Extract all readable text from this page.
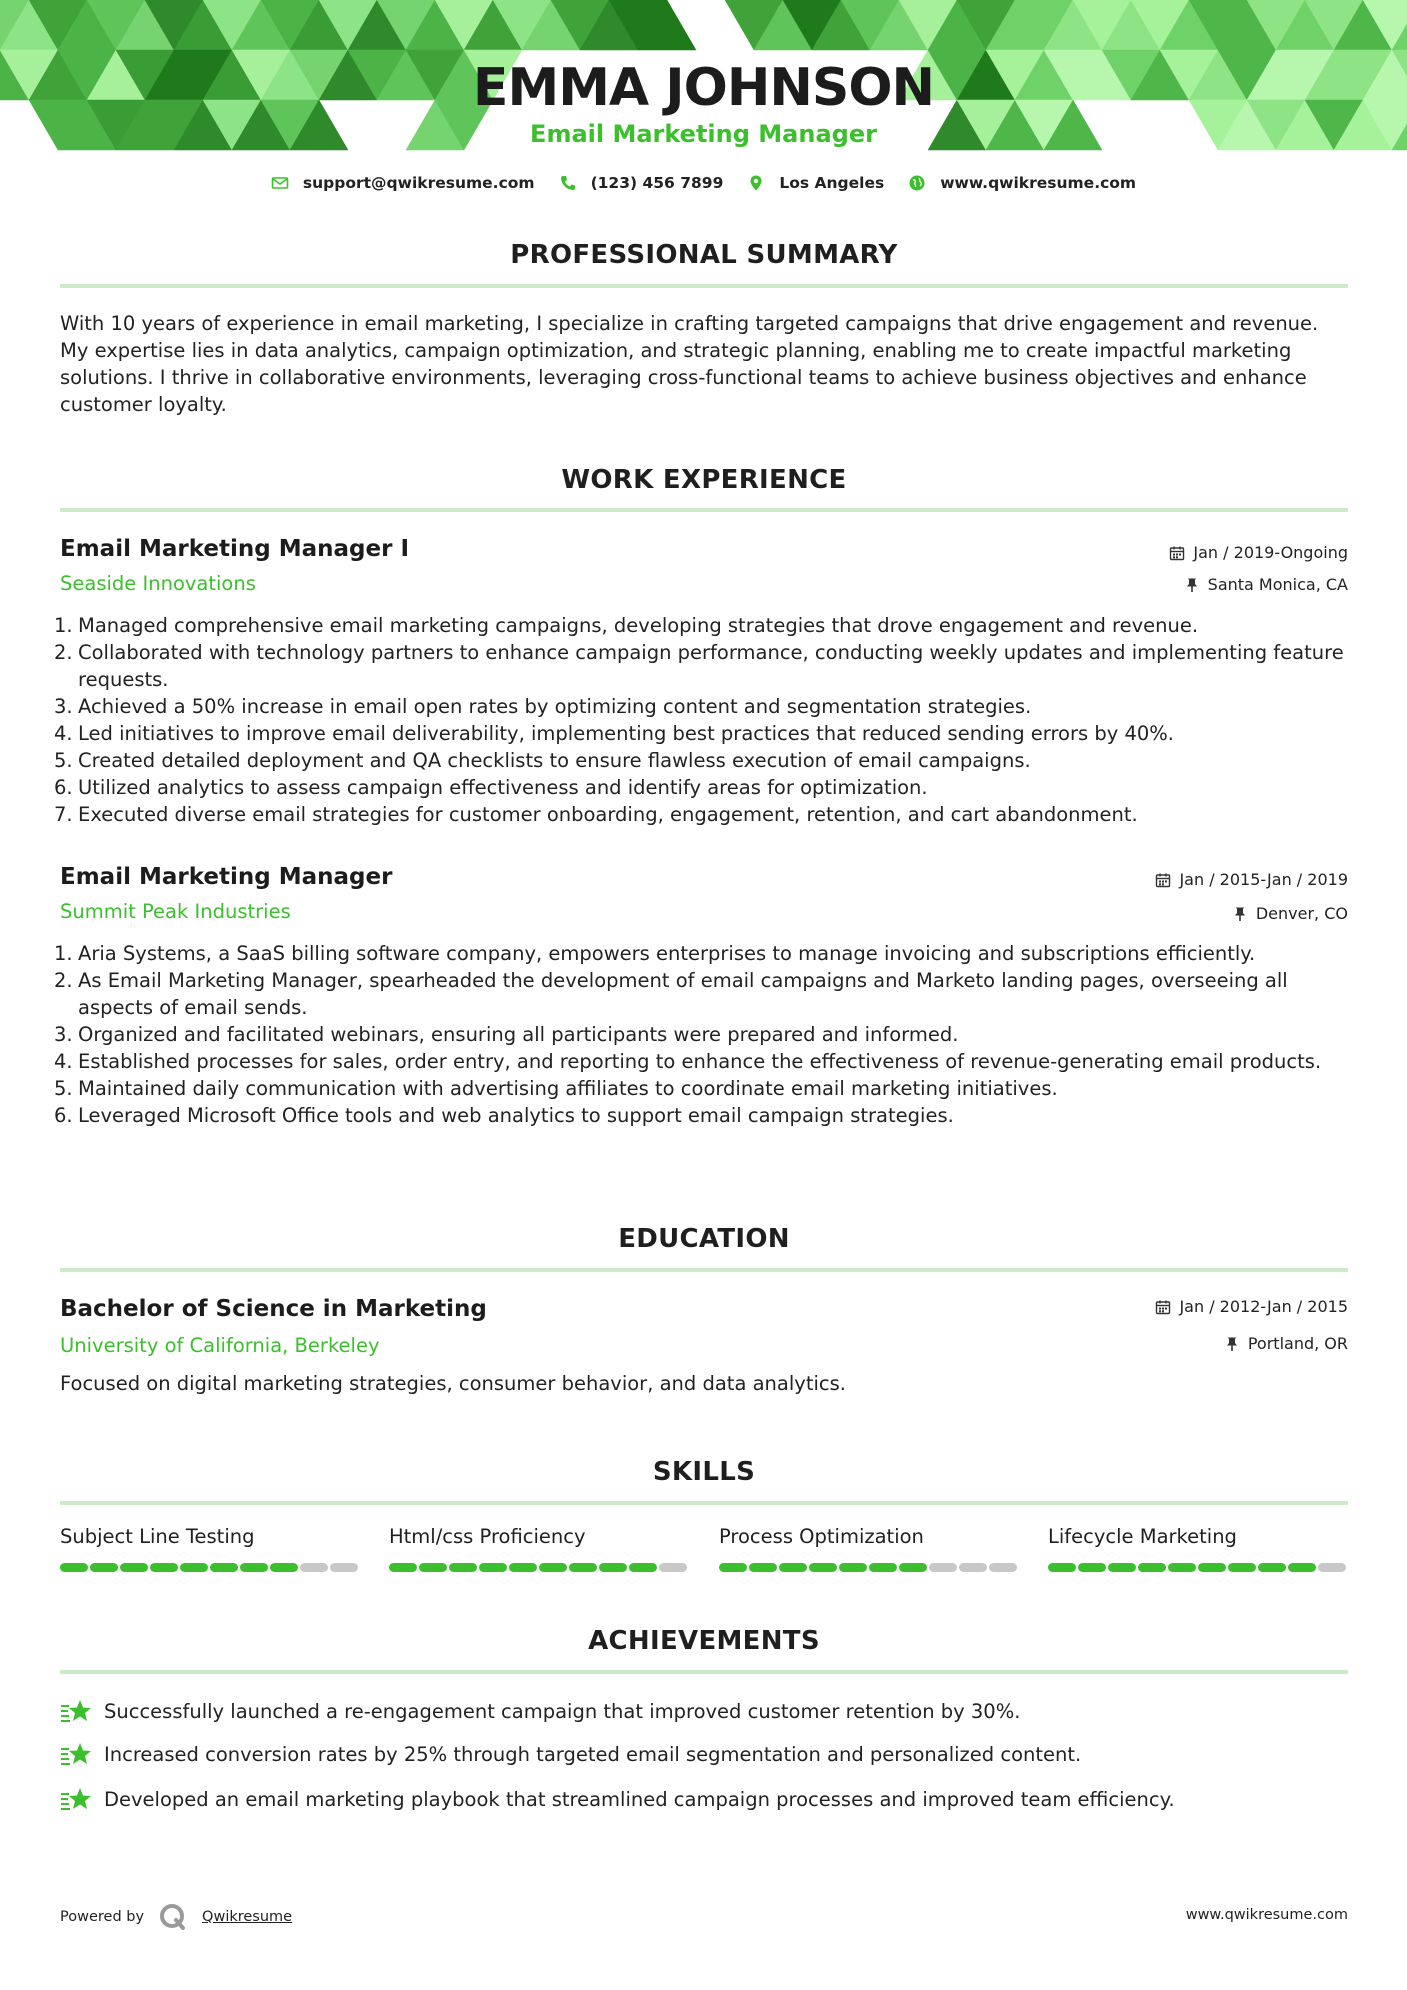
EMMA JOHNSON
Email Marketing Manager
support@qwikresume.com	(123) 456 7899	Los Angeles	www.qwikresume.com
PROFESSIONAL SUMMARY
With 10 years of experience in email marketing, I specialize in crafting targeted campaigns that drive engagement and revenue. My expertise lies in data analytics, campaign optimization, and strategic planning, enabling me to create impactful marketing solutions. I thrive in collaborative environments, leveraging cross-functional teams to achieve business objectives and enhance customer loyalty.
WORK EXPERIENCE
Email Marketing Manager I
Seaside Innovations
Jan / 2019-Ongoing
Santa Monica, CA
1. Managed comprehensive email marketing campaigns, developing strategies that drove engagement and revenue.
2. Collaborated with technology partners to enhance campaign performance, conducting weekly updates and implementing feature requests.
3. Achieved a 50% increase in email open rates by optimizing content and segmentation strategies.
4. Led initiatives to improve email deliverability, implementing best practices that reduced sending errors by 40%.
5. Created detailed deployment and QA checklists to ensure flawless execution of email campaigns.
6. Utilized analytics to assess campaign effectiveness and identify areas for optimization.
7. Executed diverse email strategies for customer onboarding, engagement, retention, and cart abandonment.
Email Marketing Manager
Summit Peak Industries
Jan / 2015-Jan / 2019
Denver, CO
1. Aria Systems, a SaaS billing software company, empowers enterprises to manage invoicing and subscriptions efficiently.
2. As Email Marketing Manager, spearheaded the development of email campaigns and Marketo landing pages, overseeing all aspects of email sends.
3. Organized and facilitated webinars, ensuring all participants were prepared and informed.
4. Established processes for sales, order entry, and reporting to enhance the effectiveness of revenue-generating email products.
5. Maintained daily communication with advertising affiliates to coordinate email marketing initiatives.
6. Leveraged Microsoft Office tools and web analytics to support email campaign strategies.
EDUCATION
Bachelor of Science in Marketing
University of California, Berkeley
Jan / 2012-Jan / 2015
Portland, OR
Focused on digital marketing strategies, consumer behavior, and data analytics.
SKILLS
Subject Line Testing	Html/css Proficiency	Process Optimization	Lifecycle Marketing
ACHIEVEMENTS
Successfully launched a re-engagement campaign that improved customer retention by 30%.
Increased conversion rates by 25% through targeted email segmentation and personalized content.
Developed an email marketing playbook that streamlined campaign processes and improved team efficiency.
Powered by	Qwikresume	www.qwikresume.com
